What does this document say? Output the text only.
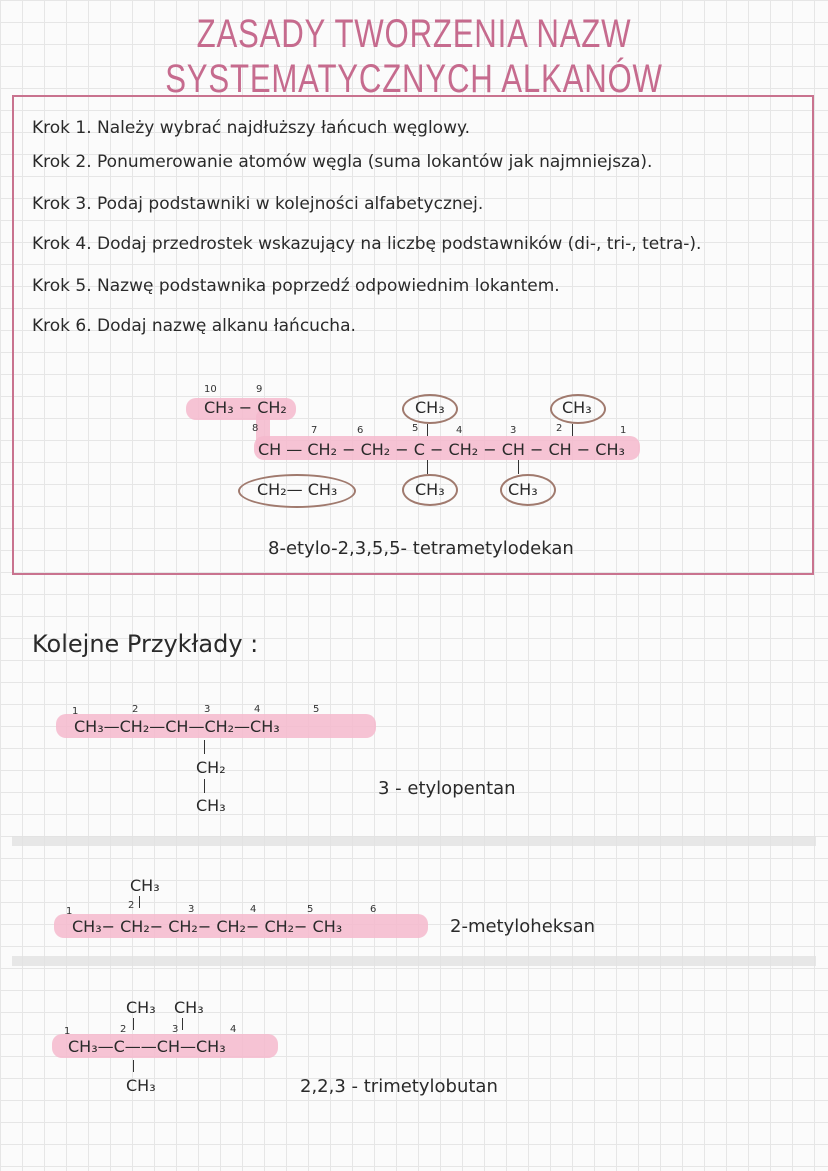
ZASADY TWORZENIA NAZW SYSTEMATYCZNYCH ALKANÓW
Krok 1. Należy wybrać najdłuższy łańcuch węglowy.
Krok 2. Ponumerowanie atomów węgla (suma lokantów jak najmniejsza).
Krok 3. Podaj podstawniki w kolejności alfabetycznej.
Krok 4. Dodaj przedrostek wskazujący na liczbę podstawników (di-, tri-, tetra-).
Krok 5. Nazwę podstawnika poprzedź odpowiednim lokantem.
Krok 6. Dodaj nazwę alkanu łańcucha.
10	9
8	7	6	5	4	3	2	1
CH₃ − CH₂	CH₃	CH₃
CH — CH₂ − CH₂ − C − CH₂ − CH − CH − CH₃
CH₂— CH₃	CH₃	CH₃
8-etylo-2,3,5,5- tetrametylodekan
Kolejne Przykłady :
1	2	3	4	5
CH₃—CH₂—CH—CH₂—CH₃
CH₂
CH₃
3 - etylopentan
CH₃
1
2	3	4	5	6
CH₃− CH₂− CH₂− CH₂− CH₂− CH₃	2-metyloheksan
CH₃ CH₃
1	2	3	4
CH₃—C——CH—CH₃
CH₃	2,2,3 - trimetylobutan
